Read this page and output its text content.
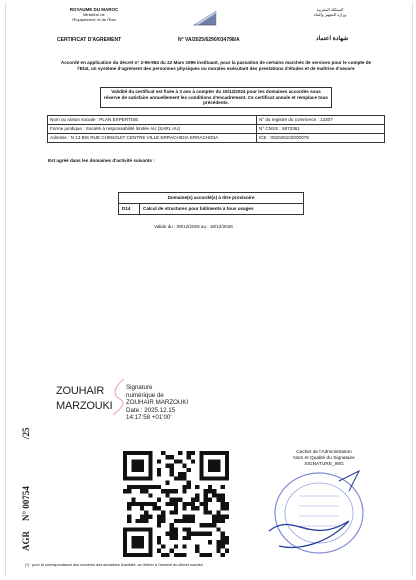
ROYAUME DU MAROC
Ministère de
l'Equipement, et de l'Eau
المملكة المغربية
وزارة التجهيز والماء
CERTIFICAT D'AGREMENT	N° VA/2025/6290/034798/A	شهادة اعتماد
Accordé en application du décret n° 2-96-984 du 22 Mars 1999 instituant, pour la passation de certains marchés de services pour le compte de l'Etat, un système d'agrément des personnes physiques ou morales exécutant des prestations d'études et de maîtrise d'oeuvre
Validité du certificat est fixée à 3 ans à compter du 19/12/2024 pour les domaines accordés sous réserve de satisfaire annuellement les conditions d'encadrement. Ce certificat annule et remplace tous précédents.
Nom ou raison sociale : PLAN EXPERTISE	N° du registre du commerce : 12307
Forme juridique : Société à responsabilité limitée AU (SARL AU)	N° CNSS : 5873361
Adresse : N 13 BIS RUE CHENGUIT CENTRE VILLE ERRACHIDIA ERRACHIDIA	ICE : 002045102000078
Est agréé dans les domaines d'activité suivants :
Domaine(s) accordé(s) à titre provisoire
D14	Calcul de structures pour bâtiments à tous usages
Valide du : 09/12/2025 au : 18/12/2026
ZOUHAIR
MARZOUKI
Signature
numérique de
ZOUHAIR MARZOUKI
Date : 2025.12.15
14:17:58 +01'00'
AGR
N° 00754
/25
Cachet de l'Administration
Nom et Qualité du Signataire
SIGNATURE_IMG
(*) : pour la correspondance des numéros des domaines d'activité, se référer à l'annexe du décret susvisé.
